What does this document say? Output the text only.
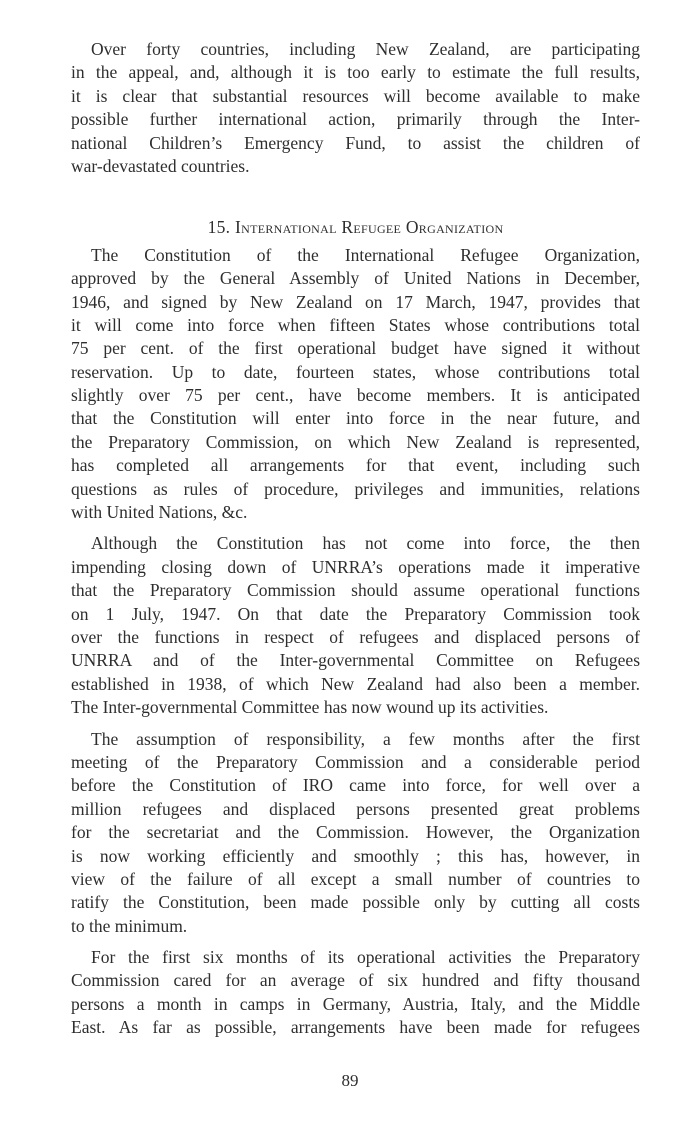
Over forty countries, including New Zealand, are participating
in the appeal, and, although it is too early to estimate the full results,
it is clear that substantial resources will become available to make
possible further international action, primarily through the Inter-
national Children’s Emergency Fund, to assist the children of
war-devastated countries.
15. International Refugee Organization
The Constitution of the International Refugee Organization,
approved by the General Assembly of United Nations in December,
1946, and signed by New Zealand on 17 March, 1947, provides that
it will come into force when fifteen States whose contributions total
75 per cent. of the first operational budget have signed it without
reservation. Up to date, fourteen states, whose contributions total
slightly over 75 per cent., have become members. It is anticipated
that the Constitution will enter into force in the near future, and
the Preparatory Commission, on which New Zealand is represented,
has completed all arrangements for that event, including such
questions as rules of procedure, privileges and immunities, relations
with United Nations, &c.
Although the Constitution has not come into force, the then
impending closing down of UNRRA’s operations made it imperative
that the Preparatory Commission should assume operational functions
on 1 July, 1947. On that date the Preparatory Commission took
over the functions in respect of refugees and displaced persons of
UNRRA and of the Inter-governmental Committee on Refugees
established in 1938, of which New Zealand had also been a member.
The Inter-governmental Committee has now wound up its activities.
The assumption of responsibility, a few months after the first
meeting of the Preparatory Commission and a considerable period
before the Constitution of IRO came into force, for well over a
million refugees and displaced persons presented great problems
for the secretariat and the Commission. However, the Organization
is now working efficiently and smoothly ; this has, however, in
view of the failure of all except a small number of countries to
ratify the Constitution, been made possible only by cutting all costs
to the minimum.
For the first six months of its operational activities the Preparatory
Commission cared for an average of six hundred and fifty thousand
persons a month in camps in Germany, Austria, Italy, and the Middle
East. As far as possible, arrangements have been made for refugees
89
